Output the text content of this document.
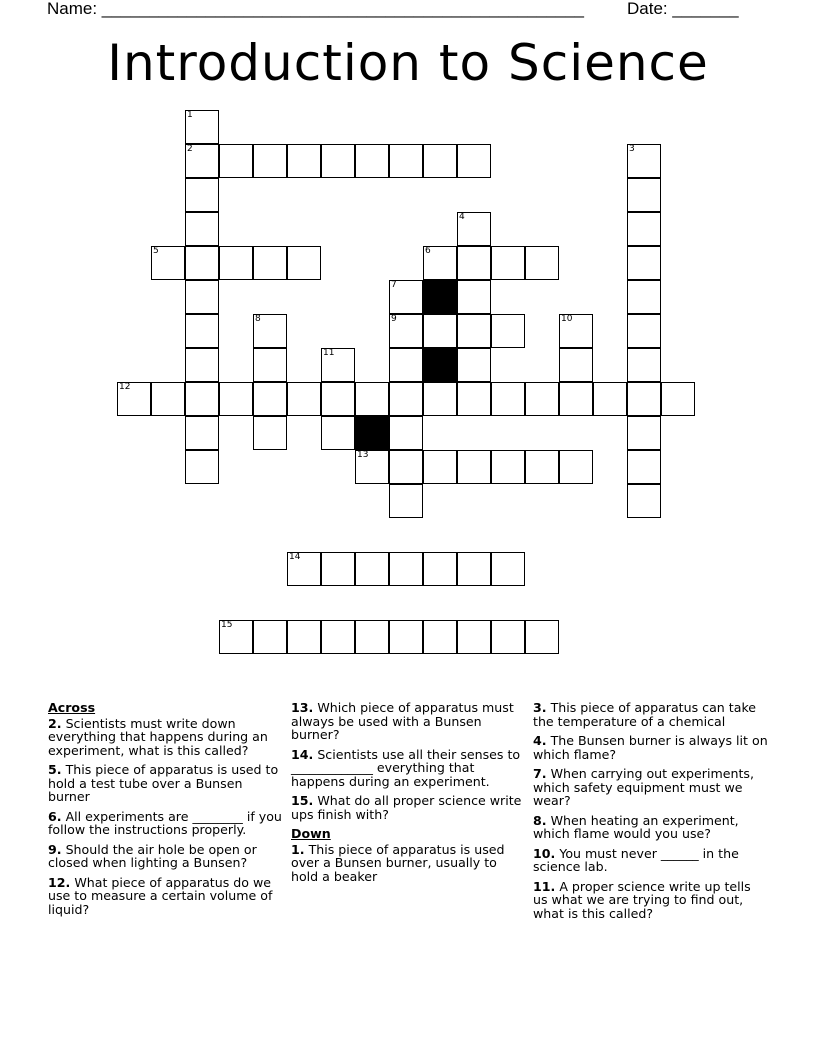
Name: ___________________________________________________	Date: _______
Introduction to Science
1
2	3
4
7
9
8	10
11
5	6
12
13
14
15
Across
2. Scientists must write down everything that happens during an experiment, what is this called?
5. This piece of apparatus is used to hold a test tube over a Bunsen burner
6. All experiments are ________ if you follow the instructions properly.
9. Should the air hole be open or closed when lighting a Bunsen?
12. What piece of apparatus do we use to measure a certain volume of liquid?
13. Which piece of apparatus must always be used with a Bunsen burner?
14. Scientists use all their senses to _____________ everything that happens during an experiment.
15. What do all proper science write ups finish with?
Down
1. This piece of apparatus is used over a Bunsen burner, usually to hold a beaker
3. This piece of apparatus can take the temperature of a chemical
4. The Bunsen burner is always lit on which flame?
7. When carrying out experiments, which safety equipment must we wear?
8. When heating an experiment, which flame would you use?
10. You must never ______ in the science lab.
11. A proper science write up tells us what we are trying to find out, what is this called?
